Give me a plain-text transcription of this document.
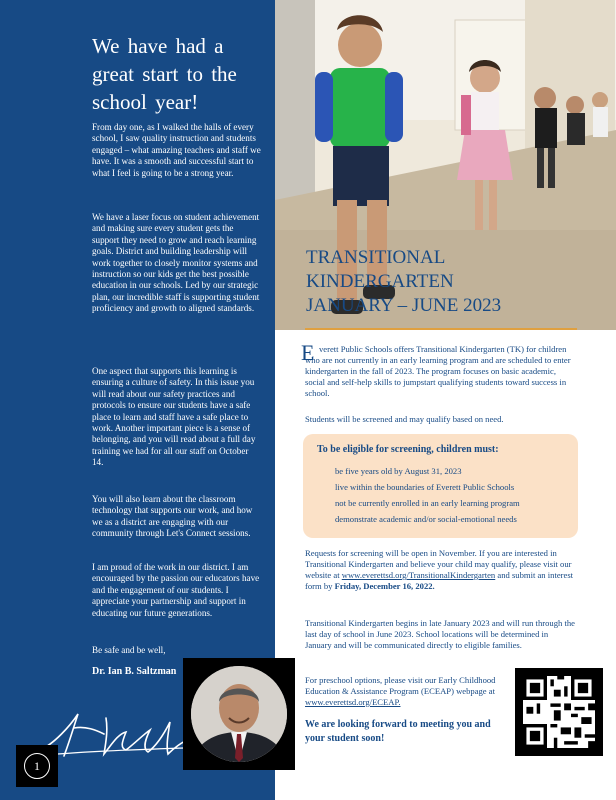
We have had a great start to the school year!

From day one, as I walked the halls of every school, I saw quality instruction and students engaged – what amazing teachers and staff we have. It was a smooth and successful start to what I feel is going to be a strong year.

We have a laser focus on student achievement and making sure every student gets the support they need to grow and reach learning goals. District and building leadership will work together to closely monitor systems and instruction so our kids get the best possible education in our schools. Led by our strategic plan, our incredible staff is supporting student proficiency and growth to aligned standards.

One aspect that supports this learning is ensuring a culture of safety. In this issue you will read about our safety practices and protocols to ensure our students have a safe place to learn and staff have a safe place to work. Another important piece is a sense of belonging, and you will read about a full day training we had for all our staff on October 14.

You will also learn about the classroom technology that supports our work, and how we as a district are engaging with our community through Let's Connect sessions.

I am proud of the work in our district. I am encouraged by the passion our educators have and the engagement of our students. I appreciate your partnership and support in educating our future generations.

Be safe and be well,

Dr. Ian B. Saltzman

1
TRANSITIONAL
KINDERGARTEN
JANUARY – JUNE 2023
E verett Public Schools offers Transitional Kindergarten (TK) for children who are not currently in an early learning program and are scheduled to enter kindergarten in the fall of 2023. The program focuses on basic academic, social and self-help skills to jumpstart qualifying students toward success in school.

Students will be screened and may qualify based on need.

To be eligible for screening, children must:

be five years old by August 31, 2023

live within the boundaries of Everett Public Schools

not be currently enrolled in an early learning program

demonstrate academic and/or social-emotional needs

Requests for screening will be open in November. If you are interested in Transitional Kindergarten and believe your child may qualify, please visit our website at www.everettsd.org/TransitionalKindergarten and submit an interest form by Friday, December 16, 2022.

Transitional Kindergarten begins in late January 2023 and will run through the last day of school in June 2023. School locations will be determined in January and will be communicated directly to eligible families.

For preschool options, please visit our Early Childhood Education & Assistance Program (ECEAP) webpage at www.everettsd.org/ECEAP.

We are looking forward to meeting you and your student soon!
